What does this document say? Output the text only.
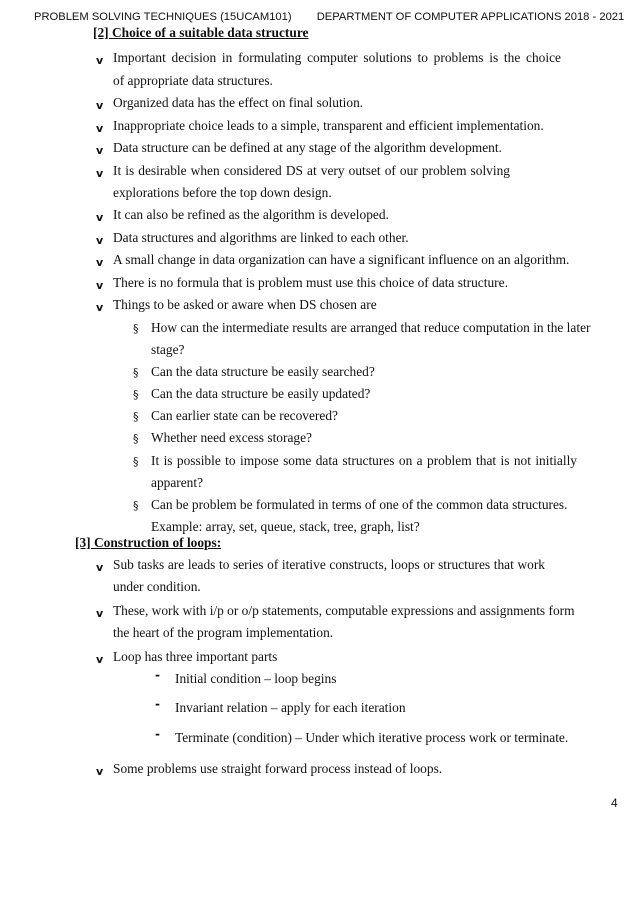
PROBLEM SOLVING TECHNIQUES (15UCAM101) DEPARTMENT OF COMPUTER APPLICATIONS 2018 - 2021
[2] Choice of a suitable data structure
v Important decision in formulating computer solutions to problems is the choice
of appropriate data structures.
v Organized data has the effect on final solution.
v Inappropriate choice leads to a simple, transparent and efficient implementation.
v Data structure can be defined at any stage of the algorithm development.
v It is desirable when considered DS at very outset of our problem solving
explorations before the top down design.
v It can also be refined as the algorithm is developed.
v Data structures and algorithms are linked to each other.
v A small change in data organization can have a significant influence on an algorithm.
v There is no formula that is problem must use this choice of data structure.
v Things to be asked or aware when DS chosen are
§ How can the intermediate results are arranged that reduce computation in the later
stage?
§ Can the data structure be easily searched?
§ Can the data structure be easily updated?
§ Can earlier state can be recovered?
§ Whether need excess storage?
§ It is possible to impose some data structures on a problem that is not initially
apparent?
§ Can be problem be formulated in terms of one of the common data structures.
Example: array, set, queue, stack, tree, graph, list?
[3] Construction of loops:
v Sub tasks are leads to series of iterative constructs, loops or structures that work
under condition.
v These, work with i/p or o/p statements, computable expressions and assignments form
the heart of the program implementation.
v Loop has three important parts
- Initial condition – loop begins
- Invariant relation – apply for each iteration
- Terminate (condition) – Under which iterative process work or terminate.
v Some problems use straight forward process instead of loops.
4
